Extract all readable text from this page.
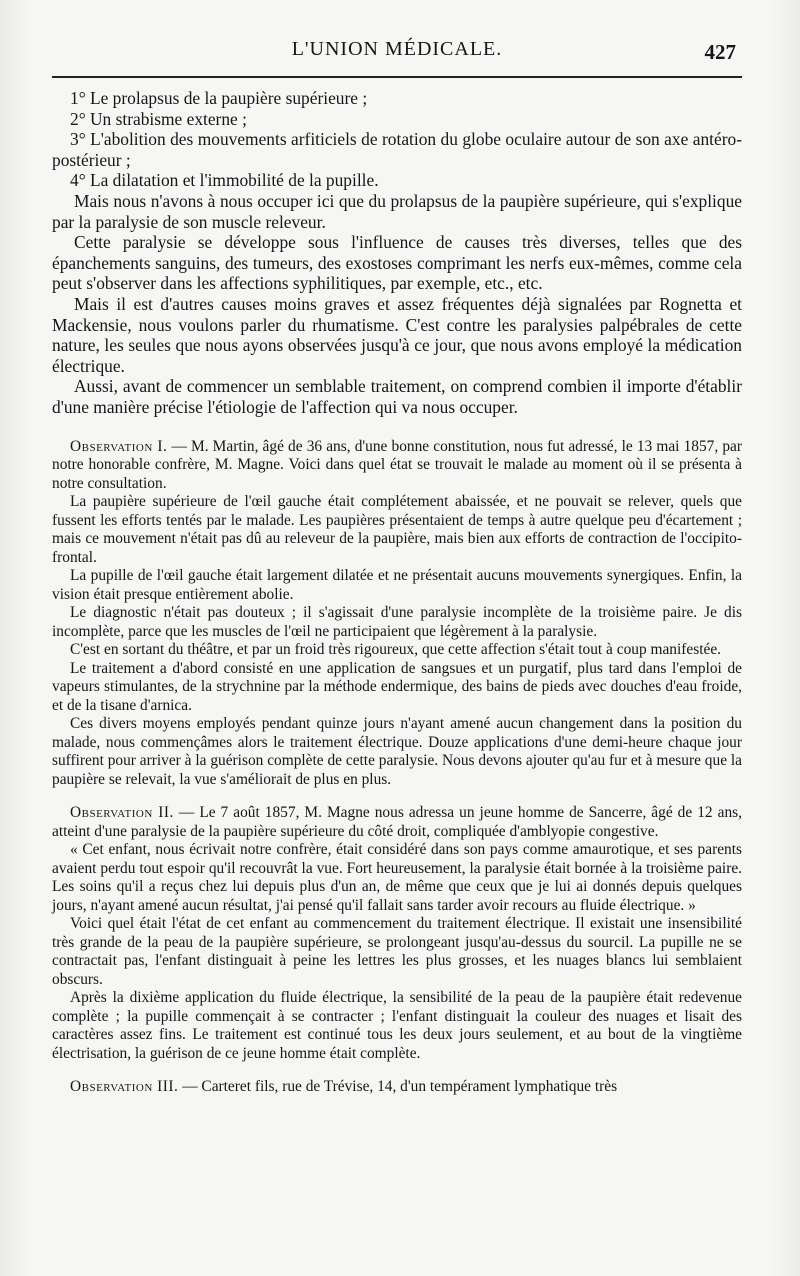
L'UNION MÉDICALE.	427

1° Le prolapsus de la paupière supérieure ;

2° Un strabisme externe ;

3° L'abolition des mouvements arfiticiels de rotation du globe oculaire autour de son axe antéro-postérieur ;

4° La dilatation et l'immobilité de la pupille.

Mais nous n'avons à nous occuper ici que du prolapsus de la paupière supérieure, qui s'explique par la paralysie de son muscle releveur.

Cette paralysie se développe sous l'influence de causes très diverses, telles que des épanchements sanguins, des tumeurs, des exostoses comprimant les nerfs eux-mêmes, comme cela peut s'observer dans les affections syphilitiques, par exemple, etc., etc.

Mais il est d'autres causes moins graves et assez fréquentes déjà signalées par Rognetta et Mackensie, nous voulons parler du rhumatisme. C'est contre les paralysies palpébrales de cette nature, les seules que nous ayons observées jusqu'à ce jour, que nous avons employé la médication électrique.

Aussi, avant de commencer un semblable traitement, on comprend combien il importe d'établir d'une manière précise l'étiologie de l'affection qui va nous occuper.

Observation I. — M. Martin, âgé de 36 ans, d'une bonne constitution, nous fut adressé, le 13 mai 1857, par notre honorable confrère, M. Magne. Voici dans quel état se trouvait le malade au moment où il se présenta à notre consultation.

La paupière supérieure de l'œil gauche était complétement abaissée, et ne pouvait se relever, quels que fussent les efforts tentés par le malade. Les paupières présentaient de temps à autre quelque peu d'écartement ; mais ce mouvement n'était pas dû au releveur de la paupière, mais bien aux efforts de contraction de l'occipito-frontal.

La pupille de l'œil gauche était largement dilatée et ne présentait aucuns mouvements synergiques. Enfin, la vision était presque entièrement abolie.

Le diagnostic n'était pas douteux ; il s'agissait d'une paralysie incomplète de la troisième paire. Je dis incomplète, parce que les muscles de l'œil ne participaient que légèrement à la paralysie.

C'est en sortant du théâtre, et par un froid très rigoureux, que cette affection s'était tout à coup manifestée.

Le traitement a d'abord consisté en une application de sangsues et un purgatif, plus tard dans l'emploi de vapeurs stimulantes, de la strychnine par la méthode endermique, des bains de pieds avec douches d'eau froide, et de la tisane d'arnica.

Ces divers moyens employés pendant quinze jours n'ayant amené aucun changement dans la position du malade, nous commençâmes alors le traitement électrique. Douze applications d'une demi-heure chaque jour suffirent pour arriver à la guérison complète de cette paralysie. Nous devons ajouter qu'au fur et à mesure que la paupière se relevait, la vue s'améliorait de plus en plus.

Observation II. — Le 7 août 1857, M. Magne nous adressa un jeune homme de Sancerre, âgé de 12 ans, atteint d'une paralysie de la paupière supérieure du côté droit, compliquée d'amblyopie congestive.

« Cet enfant, nous écrivait notre confrère, était considéré dans son pays comme amaurotique, et ses parents avaient perdu tout espoir qu'il recouvrât la vue. Fort heureusement, la paralysie était bornée à la troisième paire. Les soins qu'il a reçus chez lui depuis plus d'un an, de même que ceux que je lui ai donnés depuis quelques jours, n'ayant amené aucun résultat, j'ai pensé qu'il fallait sans tarder avoir recours au fluide électrique. »

Voici quel était l'état de cet enfant au commencement du traitement électrique. Il existait une insensibilité très grande de la peau de la paupière supérieure, se prolongeant jusqu'au-dessus du sourcil. La pupille ne se contractait pas, l'enfant distinguait à peine les lettres les plus grosses, et les nuages blancs lui semblaient obscurs.

Après la dixième application du fluide électrique, la sensibilité de la peau de la paupière était redevenue complète ; la pupille commençait à se contracter ; l'enfant distinguait la couleur des nuages et lisait des caractères assez fins. Le traitement est continué tous les deux jours seulement, et au bout de la vingtième électrisation, la guérison de ce jeune homme était complète.

Observation III. — Carteret fils, rue de Trévise, 14, d'un tempérament lymphatique très
